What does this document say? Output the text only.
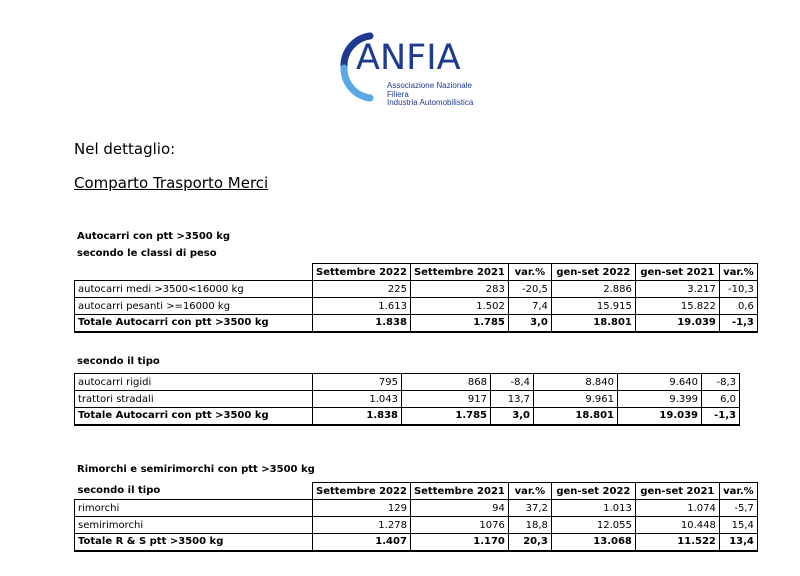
ANFIA
Associazione Nazionale
Filiera
Industria Automobilistica
Nel dettaglio:
Comparto Trasporto Merci
Autocarri con ptt >3500 kg
secondo le classi di peso
	Settembre 2022	Settembre 2021	var.%	gen-set 2022	gen-set 2021	var.%
autocarri medi >3500<16000 kg	225	283	-20,5	2.886	3.217	-10,3
autocarri pesanti >=16000 kg	1.613	1.502	7,4	15.915	15.822	0,6
Totale Autocarri con ptt >3500 kg	1.838	1.785	3,0	18.801	19.039	-1,3
secondo il tipo
autocarri rigidi	795	868	-8,4	8.840	9.640	-8,3
trattori stradali	1.043	917	13,7	9.961	9.399	6,0
Totale Autocarri con ptt >3500 kg	1.838	1.785	3,0	18.801	19.039	-1,3
Rimorchi e semirimorchi con ptt >3500 kg
secondo il tipo	Settembre 2022	Settembre 2021	var.%	gen-set 2022	gen-set 2021	var.%
rimorchi	129	94	37,2	1.013	1.074	-5,7
semirimorchi	1.278	1076	18,8	12.055	10.448	15,4
Totale R & S ptt >3500 kg	1.407	1.170	20,3	13.068	11.522	13,4
